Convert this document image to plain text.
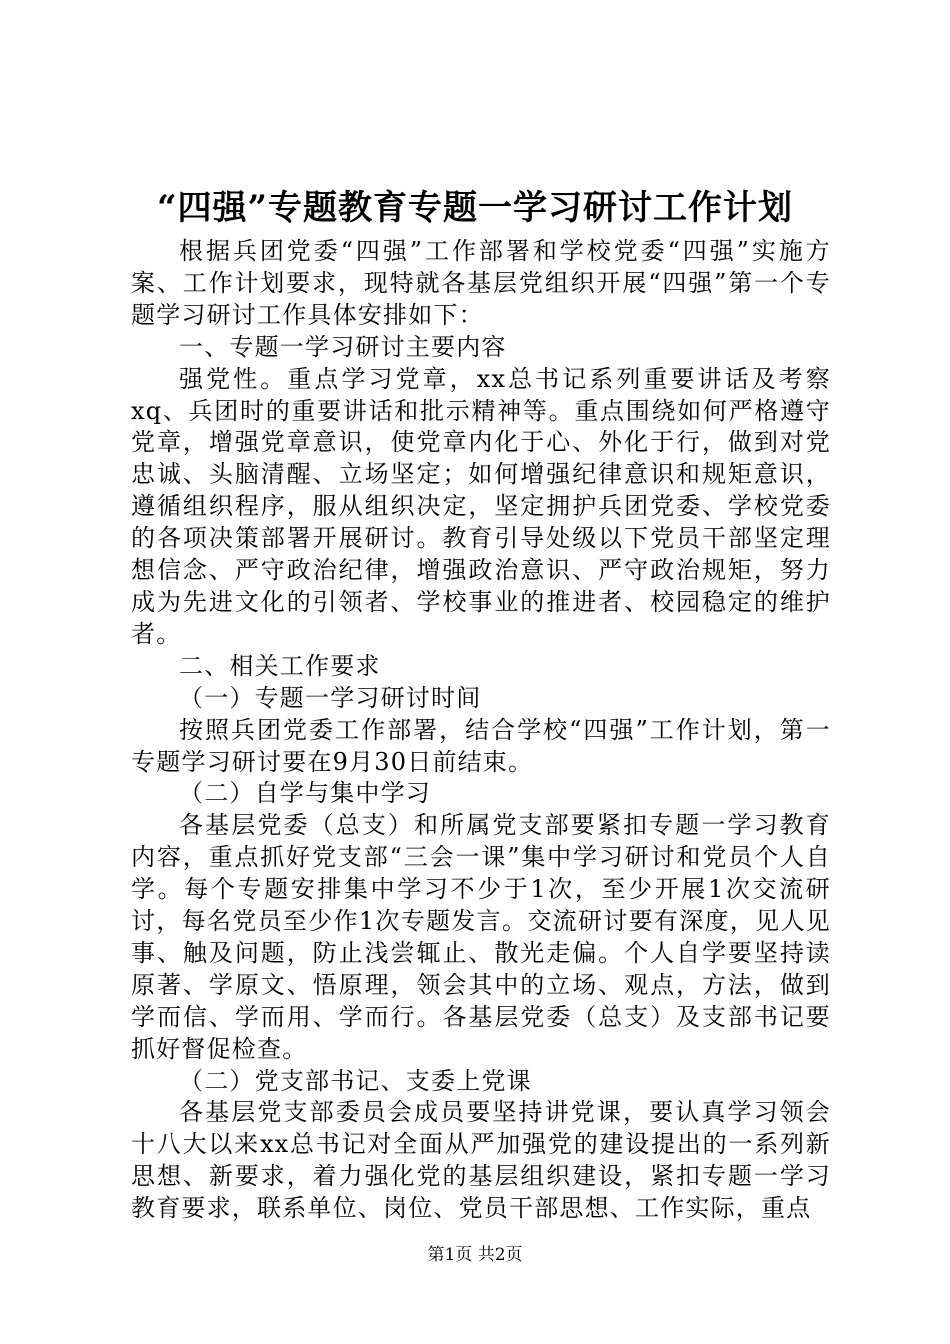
“四强”专题教育专题一学习研讨工作计划

根据兵团党委“四强”工作部署和学校党委“四强”实施方案、工作计划要求，现特就各基层党组织开展“四强”第一个专题学习研讨工作具体安排如下：

一、专题一学习研讨主要内容

强党性。重点学习党章，xx总书记系列重要讲话及考察xq、兵团时的重要讲话和批示精神等。重点围绕如何严格遵守党章，增强党章意识，使党章内化于心、外化于行，做到对党忠诚、头脑清醒、立场坚定；如何增强纪律意识和规矩意识，遵循组织程序，服从组织决定，坚定拥护兵团党委、学校党委的各项决策部署开展研讨。教育引导处级以下党员干部坚定理想信念、严守政治纪律，增强政治意识、严守政治规矩，努力成为先进文化的引领者、学校事业的推进者、校园稳定的维护者。

二、相关工作要求

（一）专题一学习研讨时间

按照兵团党委工作部署，结合学校“四强”工作计划，第一专题学习研讨要在9月30日前结束。

（二）自学与集中学习

各基层党委（总支）和所属党支部要紧扣专题一学习教育内容，重点抓好党支部“三会一课”集中学习研讨和党员个人自学。每个专题安排集中学习不少于1次，至少开展1次交流研讨，每名党员至少作1次专题发言。交流研讨要有深度，见人见事、触及问题，防止浅尝辄止、散光走偏。个人自学要坚持读原著、学原文、悟原理，领会其中的立场、观点，方法，做到学而信、学而用、学而行。各基层党委（总支）及支部书记要抓好督促检查。

（二）党支部书记、支委上党课

各基层党支部委员会成员要坚持讲党课，要认真学习领会十八大以来xx总书记对全面从严加强党的建设提出的一系列新思想、新要求，着力强化党的基层组织建设，紧扣专题一学习教育要求，联系单位、岗位、党员干部思想、工作实际，重点

第1页 共2页
